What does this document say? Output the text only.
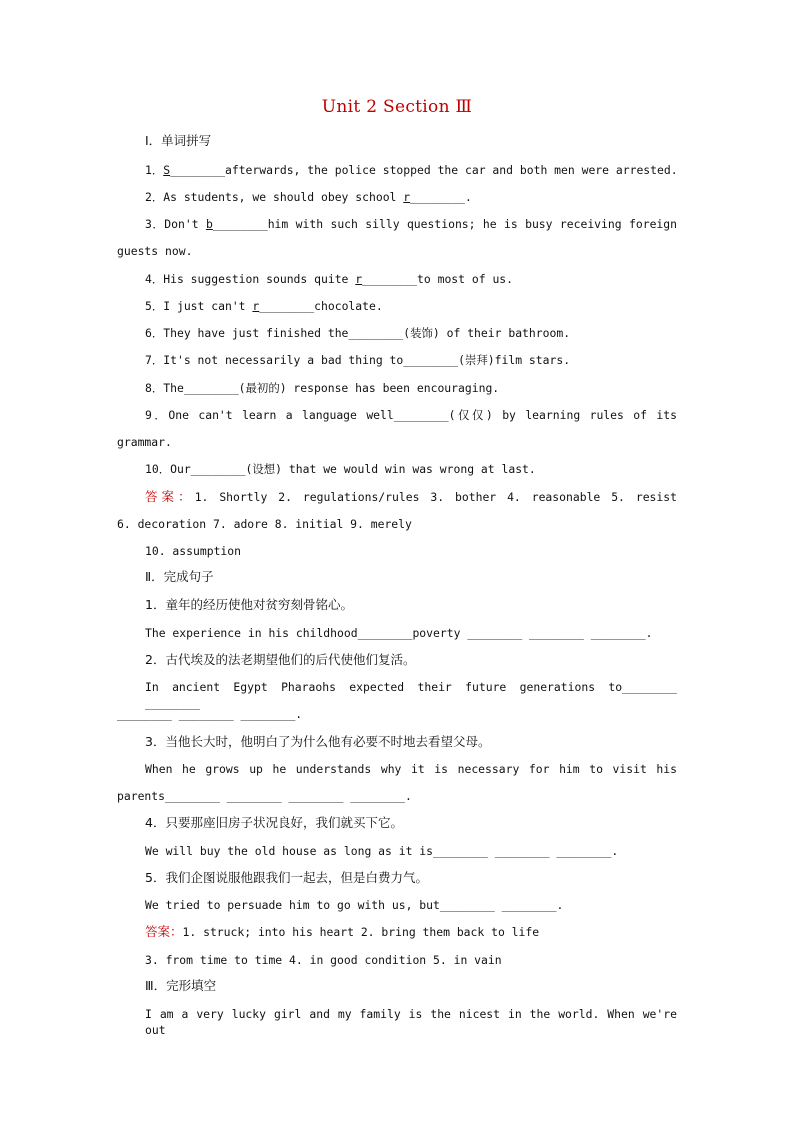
Unit 2 Section Ⅲ
Ⅰ．单词拼写
1．S________afterwards, the police stopped the car and both men were arrested.
2．As students, we should obey school r________.
3．Don't b________him with such silly questions; he is busy receiving foreign
guests now.
4．His suggestion sounds quite r________to most of us.
5．I just can't r________chocolate.
6．They have just finished the________(装饰) of their bathroom.
7．It's not necessarily a bad thing to________(崇拜)film stars.
8．The________(最初的) response has been encouraging.
9．One can't learn a language well________(仅仅) by learning rules of its
grammar.
10．Our________(设想) that we would win was wrong at last.
答案：1. Shortly 2. regulations/rules 3. bother 4. reasonable 5. resist
6. decoration 7. adore 8. initial 9. merely
10. assumption
Ⅱ．完成句子
1．童年的经历使他对贫穷刻骨铭心。
The experience in his childhood________poverty ________ ________ ________.
2．古代埃及的法老期望他们的后代使他们复活。
In ancient Egypt Pharaohs expected their future generations to________ ________
________ ________ ________.
3．当他长大时，他明白了为什么他有必要不时地去看望父母。
When he grows up he understands why it is necessary for him to visit his
parents________ ________ ________ ________.
4．只要那座旧房子状况良好，我们就买下它。
We will buy the old house as long as it is________ ________ ________.
5．我们企图说服他跟我们一起去，但是白费力气。
We tried to persuade him to go with us, but________ ________.
答案：1. struck; into his heart 2. bring them back to life
3. from time to time 4. in good condition 5. in vain
Ⅲ．完形填空
I am a very lucky girl and my family is the nicest in the world. When we're out
